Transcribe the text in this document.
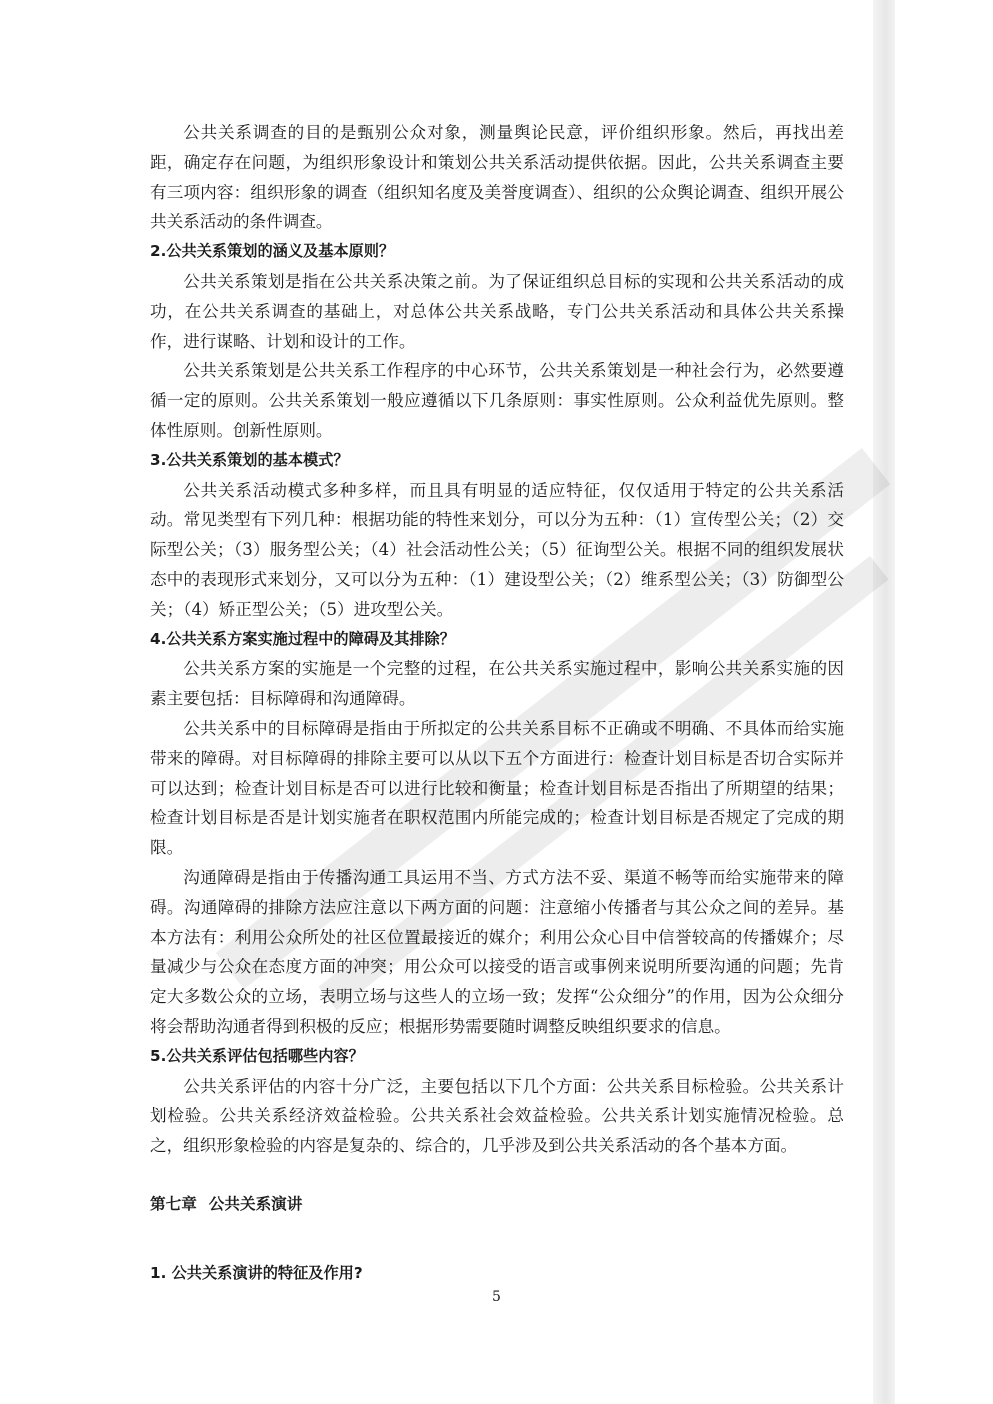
公共关系调查的目的是甄别公众对象，测量舆论民意，评价组织形象。然后，再找出差距，确定存在问题，为组织形象设计和策划公共关系活动提供依据。因此，公共关系调查主要有三项内容：组织形象的调查（组织知名度及美誉度调查）、组织的公众舆论调查、组织开展公共关系活动的条件调查。

2.公共关系策划的涵义及基本原则？

公共关系策划是指在公共关系决策之前。为了保证组织总目标的实现和公共关系活动的成功，在公共关系调查的基础上，对总体公共关系战略，专门公共关系活动和具体公共关系操作，进行谋略、计划和设计的工作。

公共关系策划是公共关系工作程序的中心环节，公共关系策划是一种社会行为，必然要遵循一定的原则。公共关系策划一般应遵循以下几条原则：事实性原则。公众利益优先原则。整体性原则。创新性原则。

3.公共关系策划的基本模式？

公共关系活动模式多种多样，而且具有明显的适应特征，仅仅适用于特定的公共关系活动。常见类型有下列几种：根据功能的特性来划分，可以分为五种：（1）宣传型公关；（2）交际型公关；（3）服务型公关；（4）社会活动性公关；（5）征询型公关。根据不同的组织发展状态中的表现形式来划分，又可以分为五种：（1）建设型公关；（2）维系型公关；（3）防御型公关；（4）矫正型公关；（5）进攻型公关。

4.公共关系方案实施过程中的障碍及其排除？

公共关系方案的实施是一个完整的过程，在公共关系实施过程中，影响公共关系实施的因素主要包括：目标障碍和沟通障碍。

公共关系中的目标障碍是指由于所拟定的公共关系目标不正确或不明确、不具体而给实施带来的障碍。对目标障碍的排除主要可以从以下五个方面进行：检查计划目标是否切合实际并可以达到；检查计划目标是否可以进行比较和衡量；检查计划目标是否指出了所期望的结果；检查计划目标是否是计划实施者在职权范围内所能完成的；检查计划目标是否规定了完成的期限。

沟通障碍是指由于传播沟通工具运用不当、方式方法不妥、渠道不畅等而给实施带来的障碍。沟通障碍的排除方法应注意以下两方面的问题：注意缩小传播者与其公众之间的差异。基本方法有：利用公众所处的社区位置最接近的媒介；利用公众心目中信誉较高的传播媒介；尽量减少与公众在态度方面的冲突；用公众可以接受的语言或事例来说明所要沟通的问题；先肯定大多数公众的立场，表明立场与这些人的立场一致；发挥“公众细分”的作用，因为公众细分将会帮助沟通者得到积极的反应；根据形势需要随时调整反映组织要求的信息。

5.公共关系评估包括哪些内容？

公共关系评估的内容十分广泛，主要包括以下几个方面：公共关系目标检验。公共关系计划检验。公共关系经济效益检验。公共关系社会效益检验。公共关系计划实施情况检验。总之，组织形象检验的内容是复杂的、综合的，几乎涉及到公共关系活动的各个基本方面。

第七章 公共关系演讲

1. 公共关系演讲的特征及作用?

5
